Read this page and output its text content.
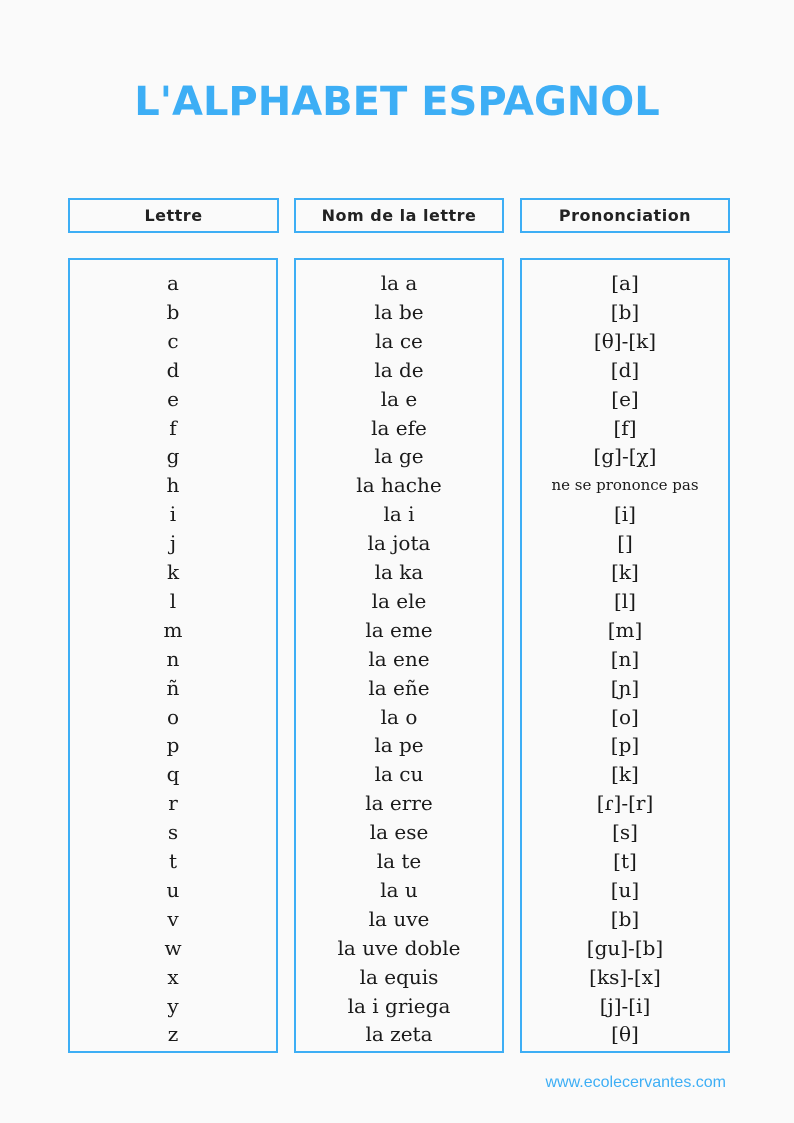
L'ALPHABET ESPAGNOL
Lettre	Nom de la lettre	Prononciation
a
b
c
d
e
f
g
h
i
j
k
l
m
n
ñ
o
p
q
r
s
t
u
v
w
x
y
z
la a
la be
la ce
la de
la e
la efe
la ge
la hache
la i
la jota
la ka
la ele
la eme
la ene
la eñe
la o
la pe
la cu
la erre
la ese
la te
la u
la uve
la uve doble
la equis
la i griega
la zeta
[a]
[b]
[θ]-[k]
[d]
[e]
[f]
[g]-[χ]
ne se prononce pas
[i]
[]
[k]
[l]
[m]
[n]
[ɲ]
[o]
[p]
[k]
[ɾ]-[r]
[s]
[t]
[u]
[b]
[gu]-[b]
[ks]-[x]
[j]-[i]
[θ]
www.ecolecervantes.com
